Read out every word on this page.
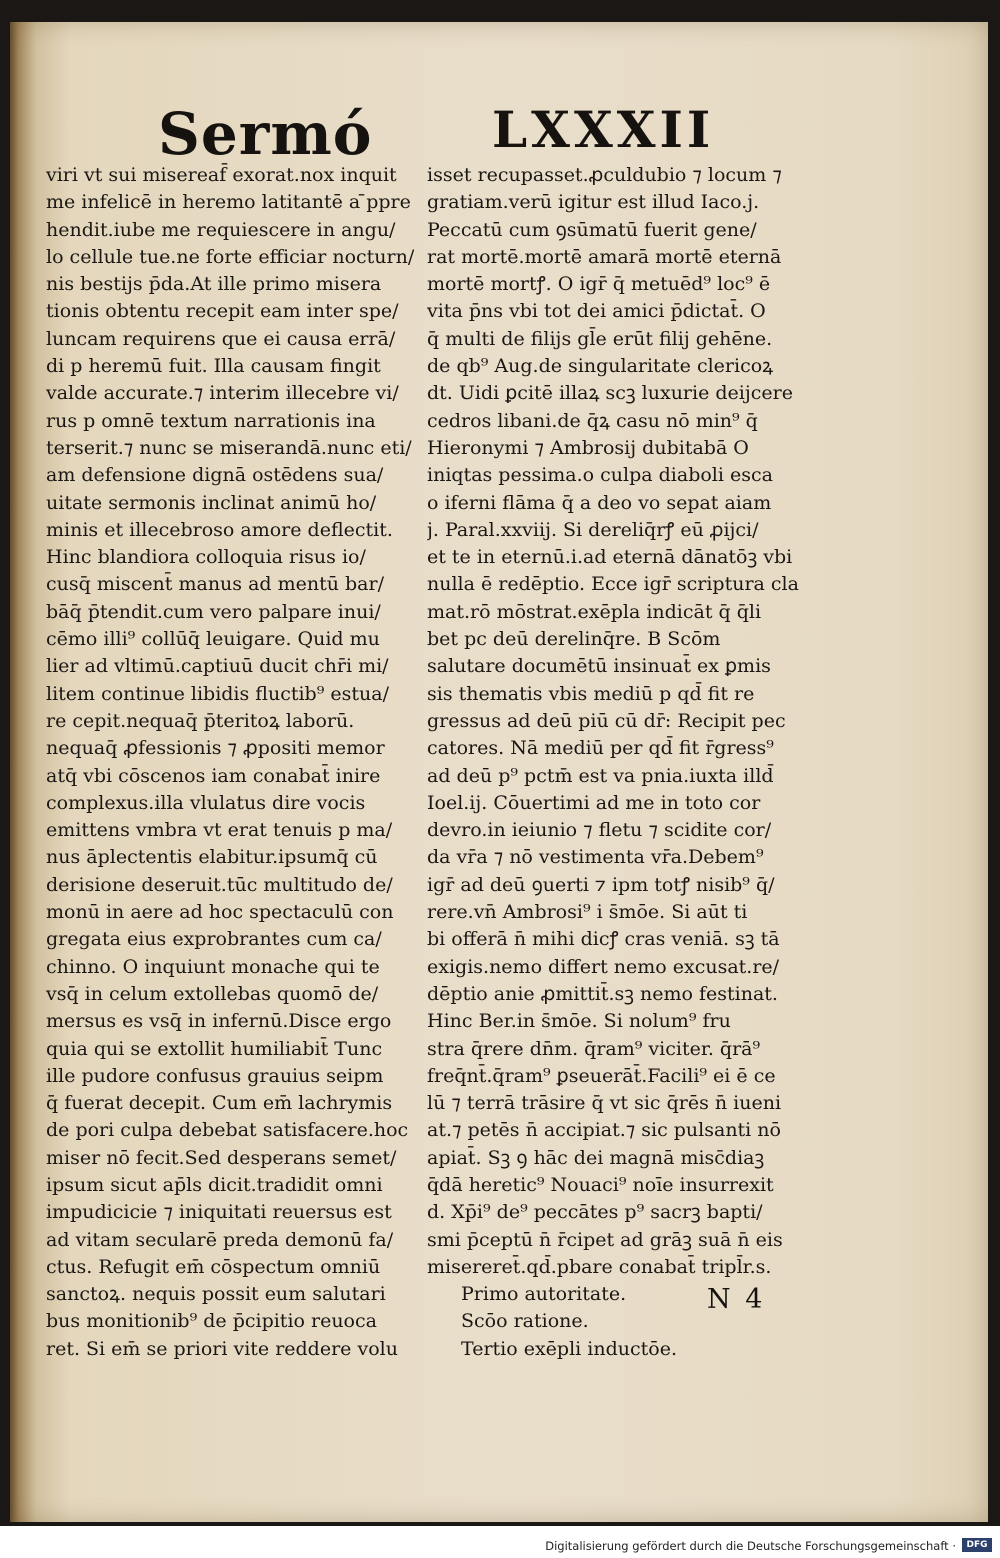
Sermó LXXXII
viri vt sui misereaf̄ exorat.nox inquit
me infelicē in heremo latitantē a ̄ppre
hendit.iube me requiescere in angu/
lo cellule tue.ne forte efficiar nocturn/
nis bestijs p̄da.At ille primo misera
tionis obtentu recepit eam inter spe/
luncam requirens que ei causa errā/
di p heremū fuit. Illa causam fingit
valde accurate.⁊ interim illecebre vi/
rus p omnē textum narrationis ina
terserit.⁊ nunc se miserandā.nunc eti/
am defensione dignā ostēdens sua/
uitate sermonis inclinat animū ho/
minis et illecebroso amore deflectit.
Hinc blandiora colloquia risus io/
cusq̄ miscent̄ manus ad mentū bar/
bāq̄ p̄tendit.cum vero palpare inui/
cēmo illi⁹ collūq̄ leuigare. Quid mu
lier ad vltimū.captiuū ducit chr̄i mi/
litem continue libidis fluctib⁹ estua/
re cepit.nequaq̄ p̄teritoꝝ laborū.
nequaq̄ ꝓfessionis ⁊ ꝓpositi memor
atq̄ vbi cōscenos iam conabat̄ inire
complexus.illa vlulatus dire vocis
emittens vmbra vt erat tenuis p ma/
nus āplectentis elabitur.ipsumq̄ cū
derisione deseruit.tūc multitudo de/
monū in aere ad hoc spectaculū con
gregata eius exprobrantes cum ca/
chinno. O inquiunt monache qui te
vsq̄ in celum extollebas quomō de/
mersus es vsq̄ in infernū.Disce ergo
quia qui se extollit humiliabit̄ Tunc
ille pudore confusus grauius seipm
q̄ fuerat decepit. Cum em̄ lachrymis
de pori culpa debebat satisfacere.hoc
miser nō fecit.Sed desperans semet/
ipsum sicut ap̄ls dicit.tradidit omni
impudicicie ⁊ iniquitati reuersus est
ad vitam secularē preda demonū fa/
ctus. Refugit em̄ cōspectum omniū
sanctoꝝ. nequis possit eum salutari
bus monitionib⁹ de p̄cipitio reuoca
ret. Si em̄ se priori vite reddere volu
isset recupasset.ꝓculdubio ⁊ locum ⁊
gratiam.verū igitur est illud Iaco.j.
Peccatū cum ꝯsūmatū fuerit gene/
rat mortē.mortē amarā mortē eternā
mortē mortꝭ. O igr̄ q̄ metuēd⁹ loc⁹ ē
vita p̄ns vbi tot dei amici p̄dictat̄. O
q̄ multi de filijs gl̄e erūt filij gehēne.
de qb⁹ Aug.de singularitate clericoꝝ
dt. Uidi ꝑcitē illaꝝ scꝫ luxurie deijcere
cedros libani.de q̄ꝝ casu nō min⁹ q̄
Hieronymi ⁊ Ambrosij dubitabā O
iniqtas pessima.o culpa diaboli esca
o iferni flāma q̄ a deo vo sepat aiam
j. Paral.xxviij. Si dereliq̄rꝭ eū ꝓijci/
et te in eternū.i.ad eternā dānatōꝫ vbi
nulla ē redēptio. Ecce igr̄ scriptura cla
mat.rō mōstrat.exēpla indicāt q̄ q̄li
bet pc deū derelinq̄re. B Scōm
salutare documētū insinuat̄ ex ꝑmis
sis thematis vbis mediū p qd̄ fit re
gressus ad deū piū cū dr̄: Recipit pec
catores. Nā mediū per qd̄ fit r̄gress⁹
ad deū p⁹ pctm̄ est va pnia.iuxta illd̄
Ioel.ij. Cōuertimi ad me in toto cor
devro.in ieiunio ⁊ fletu ⁊ scidite cor/
da vr̄a ⁊ nō vestimenta vr̄a.Debem⁹
igr̄ ad deū ꝯuerti ⁊ ipm totꝭ nisib⁹ q̄/
rere.vn̄ Ambrosi⁹ i s̄mōe. Si aūt ti
bi offerā n̄ mihi dicꝭ cras veniā. sꝫ tā
exigis.nemo differt nemo excusat.re/
dēptio anie ꝓmittit̄.sꝫ nemo festinat.
Hinc Ber.in s̄mōe. Si nolum⁹ fru
stra q̄rere dn̄m. q̄ram⁹ viciter. q̄rā⁹
freq̄nt̄.q̄ram⁹ ꝑseuerāt̄.Facili⁹ ei ē ce
lū ⁊ terrā trāsire q̄ vt sic q̄rēs n̄ iueni
at.⁊ petēs n̄ accipiat.⁊ sic pulsanti nō
apiat̄. Sꝫ ꝯ hāc dei magnā misc̄diaꝫ
q̄dā heretic⁹ Nouaci⁹ noīe insurrexit
d. Xp̄i⁹ de⁹ peccātes p⁹ sacrꝫ bapti/
smi p̄ceptū n̄ r̄cipet ad grāꝫ suā n̄ eis
misereret̄.qd̄.pbare conabat̄ tripl̄r.s.
Primo autoritate.
Scōo ratione.
Tertio exēpli inductōe.
N 4
Digitalisierung gefördert durch die Deutsche Forschungsgemeinschaft ·	DFG
